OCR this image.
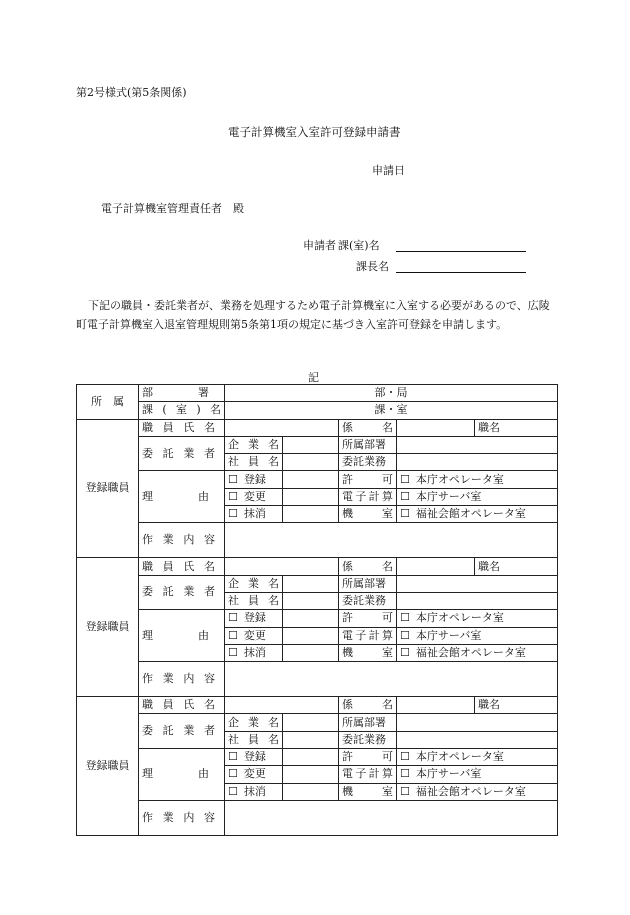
第2号様式(第5条関係)
電子計算機室入室許可登録申請書
申請日
電子計算機室管理責任者　殿
申請者 課(室)名
課長名
下記の職員・委託業者が、業務を処理するため電子計算機室に入室する必要があるので、広陵町電子計算機室入退室管理規則第5条第1項の規定に基づき入室許可登録を申請します。
記
所　属	部　署	部・局					
	課(室)名	課・室					
登録職員	職員氏名			係名		職名	
	委託業者	企業名		所属部署			
		社員名		委託業務			
	理　由	☐ 登録		許　可	☐ 本庁オペレータ室		
		☐ 変更		電子計算	☐ 本庁サーバ室		
		☐ 抹消		機　室	☐ 福祉会館オペレータ室		
	作業内容						
登録職員	職員氏名			係名		職名	
	委託業者	企業名		所属部署			
		社員名		委託業務			
	理　由	☐ 登録		許　可	☐ 本庁オペレータ室		
		☐ 変更		電子計算	☐ 本庁サーバ室		
		☐ 抹消		機　室	☐ 福祉会館オペレータ室		
	作業内容						
登録職員	職員氏名			係名		職名	
	委託業者	企業名		所属部署			
		社員名		委託業務			
	理　由	☐ 登録		許　可	☐ 本庁オペレータ室		
		☐ 変更		電子計算	☐ 本庁サーバ室		
		☐ 抹消		機　室	☐ 福祉会館オペレータ室		
	作業内容						
